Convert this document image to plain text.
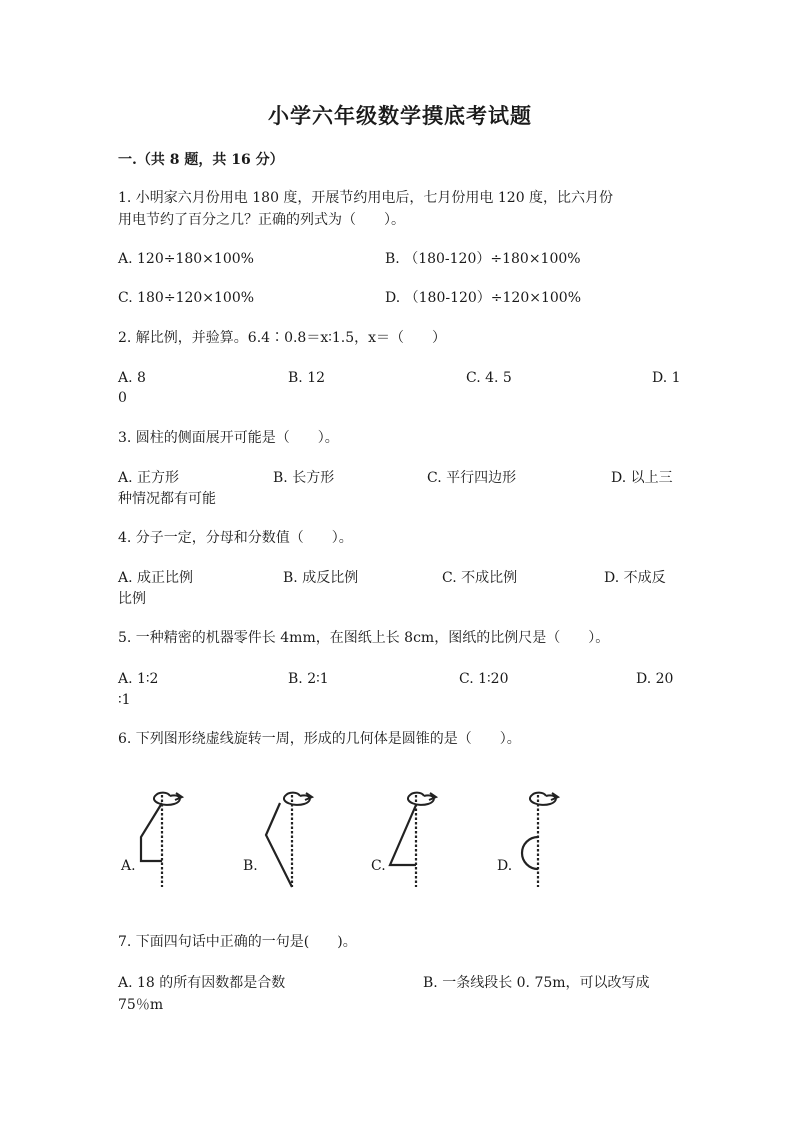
小学六年级数学摸底考试题
一.（共 8 题，共 16 分）
1. 小明家六月份用电 180 度，开展节约用电后，七月份用电 120 度，比六月份
用电节约了百分之几？正确的列式为（　　）。
A. 120÷180×100%	B. （180-120）÷180×100%
C. 180÷120×100%	D. （180-120）÷120×100%
2. 解比例，并验算。6.4∶0.8＝x∶1.5，x＝（　　）
A. 8	B. 12	C. 4. 5	D. 1
0
3. 圆柱的侧面展开可能是（　　）。
A. 正方形	B. 长方形	C. 平行四边形	D. 以上三
种情况都有可能
4. 分子一定，分母和分数值（　　）。
A. 成正比例	B. 成反比例	C. 不成比例	D. 不成反
比例
5. 一种精密的机器零件长 4mm，在图纸上长 8cm，图纸的比例尺是（　　）。
A. 1∶2	B. 2∶1	C. 1∶20	D. 20
∶1
6. 下列图形绕虚线旋转一周，形成的几何体是圆锥的是（　　）。
A.	B.	C.	D.
7. 下面四句话中正确的一句是(　　)。
A. 18 的所有因数都是合数	B. 一条线段长 0. 75m，可以改写成
75％m
